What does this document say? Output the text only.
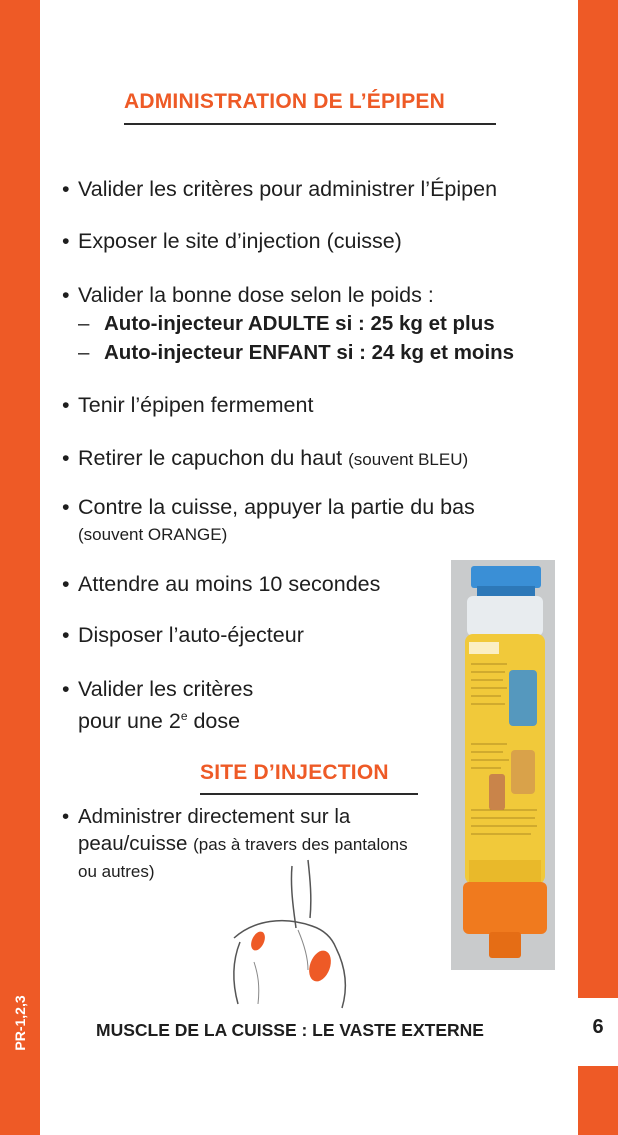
6
PR-1,2,3
ADMINISTRATION DE L’ÉPIPEN
• Valider les critères pour administrer l’Épipen
• Exposer le site d’injection (cuisse)
• Valider la bonne dose selon le poids :
– Auto-injecteur ADULTE si : 25 kg et plus
– Auto-injecteur ENFANT si : 24 kg et moins
• Tenir l’épipen fermement
• Retirer le capuchon du haut (souvent BLEU)
• Contre la cuisse, appuyer la partie du bas
(souvent ORANGE)
• Attendre au moins 10 secondes
• Disposer l’auto-éjecteur
• Valider les critères
pour une 2e dose
SITE D’INJECTION
• Administrer directement sur la
peau/cuisse (pas à travers des pantalons
ou autres)
MUSCLE DE LA CUISSE : LE VASTE EXTERNE
